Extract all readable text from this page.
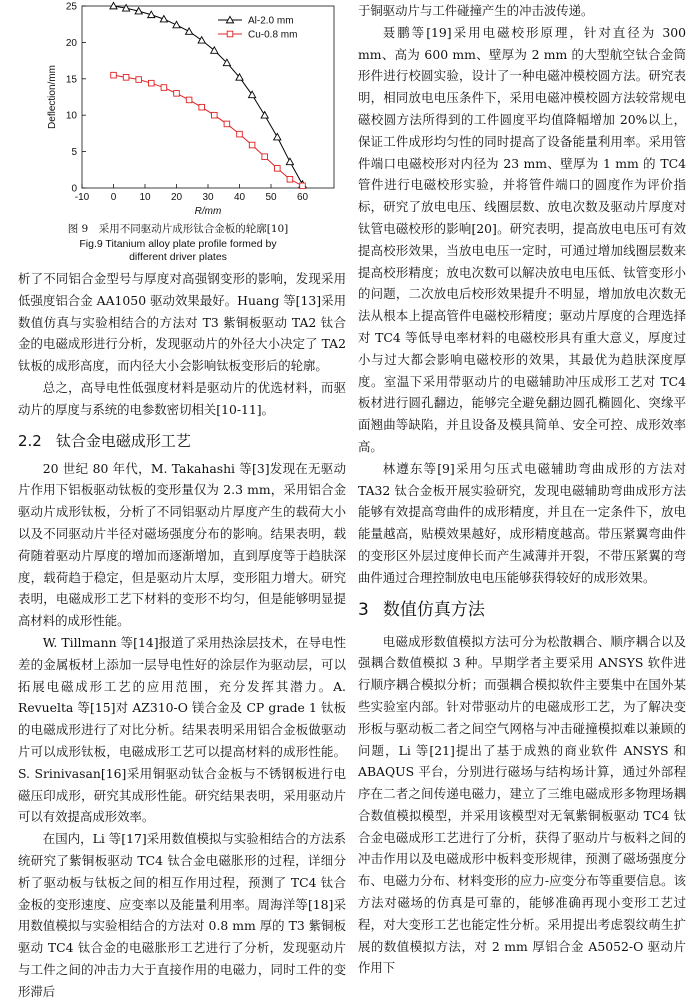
-10 0 10 20 30 40 50 60
0
5
10
15
20
25
R/mm
Deflection/mm
Al-2.0 mm
Cu-0.8 mm
图 9　采用不同驱动片成形钛合金板的轮廓[10]
Fig.9 Titanium alloy plate profile formed by
different driver plates

析了不同铝合金型号与厚度对高强钢变形的影响，发现采用低强度铝合金 AA1050 驱动效果最好。Huang 等[13]采用数值仿真与实验相结合的方法对 T3 紫铜板驱动 TA2 钛合金的电磁成形进行分析，发现驱动片的外径大小决定了 TA2 钛板的成形高度，而内径大小会影响钛板变形后的轮廓。

总之，高导电性低强度材料是驱动片的优选材料，而驱动片的厚度与系统的电参数密切相关[10-11]。

2.2 钛合金电磁成形工艺

20 世纪 80 年代，M. Takahashi 等[3]发现在无驱动片作用下铝板驱动钛板的变形量仅为 2.3 mm，采用铝合金驱动片成形钛板，分析了不同铝驱动片厚度产生的载荷大小以及不同驱动片半径对磁场强度分布的影响。结果表明，载荷随着驱动片厚度的增加而逐渐增加，直到厚度等于趋肤深度，载荷趋于稳定，但是驱动片太厚，变形阻力增大。研究表明，电磁成形工艺下材料的变形不均匀，但是能够明显提高材料的成形性能。

W. Tillmann 等[14]报道了采用热涂层技术，在导电性差的金属板材上添加一层导电性好的涂层作为驱动层，可以拓展电磁成形工艺的应用范围，充分发挥其潜力。A. Revuelta 等[15]对 AZ310-O 镁合金及 CP grade 1 钛板的电磁成形进行了对比分析。结果表明采用铝合金板做驱动片可以成形钛板，电磁成形工艺可以提高材料的成形性能。S. Srinivasan[16]采用铜驱动钛合金板与不锈钢板进行电磁压印成形，研究其成形性能。研究结果表明，采用驱动片可以有效提高成形效率。

在国内，Li 等[17]采用数值模拟与实验相结合的方法系统研究了紫铜板驱动 TC4 钛合金电磁胀形的过程，详细分析了驱动板与钛板之间的相互作用过程，预测了 TC4 钛合金板的变形速度、应变率以及能量利用率。周海洋等[18]采用数值模拟与实验相结合的方法对 0.8 mm 厚的 T3 紫铜板驱动 TC4 钛合金的电磁胀形工艺进行了分析，发现驱动片与工件之间的冲击力大于直接作用的电磁力，同时工件的变形滞后

于铜驱动片与工件碰撞产生的冲击波传递。

聂鹏等[19]采用电磁校形原理，针对直径为 300 mm、高为 600 mm、壁厚为 2 mm 的大型航空钛合金筒形件进行校圆实验，设计了一种电磁冲模校圆方法。研究表明，相同放电电压条件下，采用电磁冲模校圆方法较常规电磁校圆方法所得到的工件圆度平均值降幅增加 20%以上，保证工件成形均匀性的同时提高了设备能量利用率。采用管件端口电磁校形对内径为 23 mm、壁厚为 1 mm 的 TC4 管件进行电磁校形实验，并将管件端口的圆度作为评价指标，研究了放电电压、线圈层数、放电次数及驱动片厚度对钛管电磁校形的影响[20]。研究表明，提高放电电压可有效提高校形效果，当放电电压一定时，可通过增加线圈层数来提高校形精度；放电次数可以解决放电电压低、钛管变形小的问题，二次放电后校形效果提升不明显，增加放电次数无法从根本上提高管件电磁校形精度；驱动片厚度的合理选择对 TC4 等低导电率材料的电磁校形具有重大意义，厚度过小与过大都会影响电磁校形的效果，其最优为趋肤深度厚度。室温下采用带驱动片的电磁辅助冲压成形工艺对 TC4 板材进行圆孔翻边，能够完全避免翻边圆孔椭圆化、突缘平面翘曲等缺陷，并且设备及模具简单、安全可控、成形效率高。

林遵东等[9]采用匀压式电磁辅助弯曲成形的方法对 TA32 钛合金板开展实验研究，发现电磁辅助弯曲成形方法能够有效提高弯曲件的成形精度，并且在一定条件下，放电能量越高，贴模效果越好，成形精度越高。带压紧翼弯曲件的变形区外层过度伸长而产生减薄并开裂，不带压紧翼的弯曲件通过合理控制放电电压能够获得较好的成形效果。

3 数值仿真方法

电磁成形数值模拟方法可分为松散耦合、顺序耦合以及强耦合数值模拟 3 种。早期学者主要采用 ANSYS 软件进行顺序耦合模拟分析；而强耦合模拟软件主要集中在国外某些实验室内部。针对带驱动片的电磁成形工艺，为了解决变形板与驱动板二者之间空气网格与冲击碰撞模拟难以兼顾的问题，Li 等[21]提出了基于成熟的商业软件 ANSYS 和 ABAQUS 平台，分别进行磁场与结构场计算，通过外部程序在二者之间传递电磁力，建立了三维电磁成形多物理场耦合数值模拟模型，并采用该模型对无氧紫铜板驱动 TC4 钛合金电磁成形工艺进行了分析，获得了驱动片与板料之间的冲击作用以及电磁成形中板料变形规律，预测了磁场强度分布、电磁力分布、材料变形的应力-应变分布等重要信息。该方法对磁场的仿真是可靠的，能够准确再现小变形工艺过程，对大变形工艺也能定性分析。采用提出考虑裂纹萌生扩展的数值模拟方法，对 2 mm 厚铝合金 A5052-O 驱动片作用下
